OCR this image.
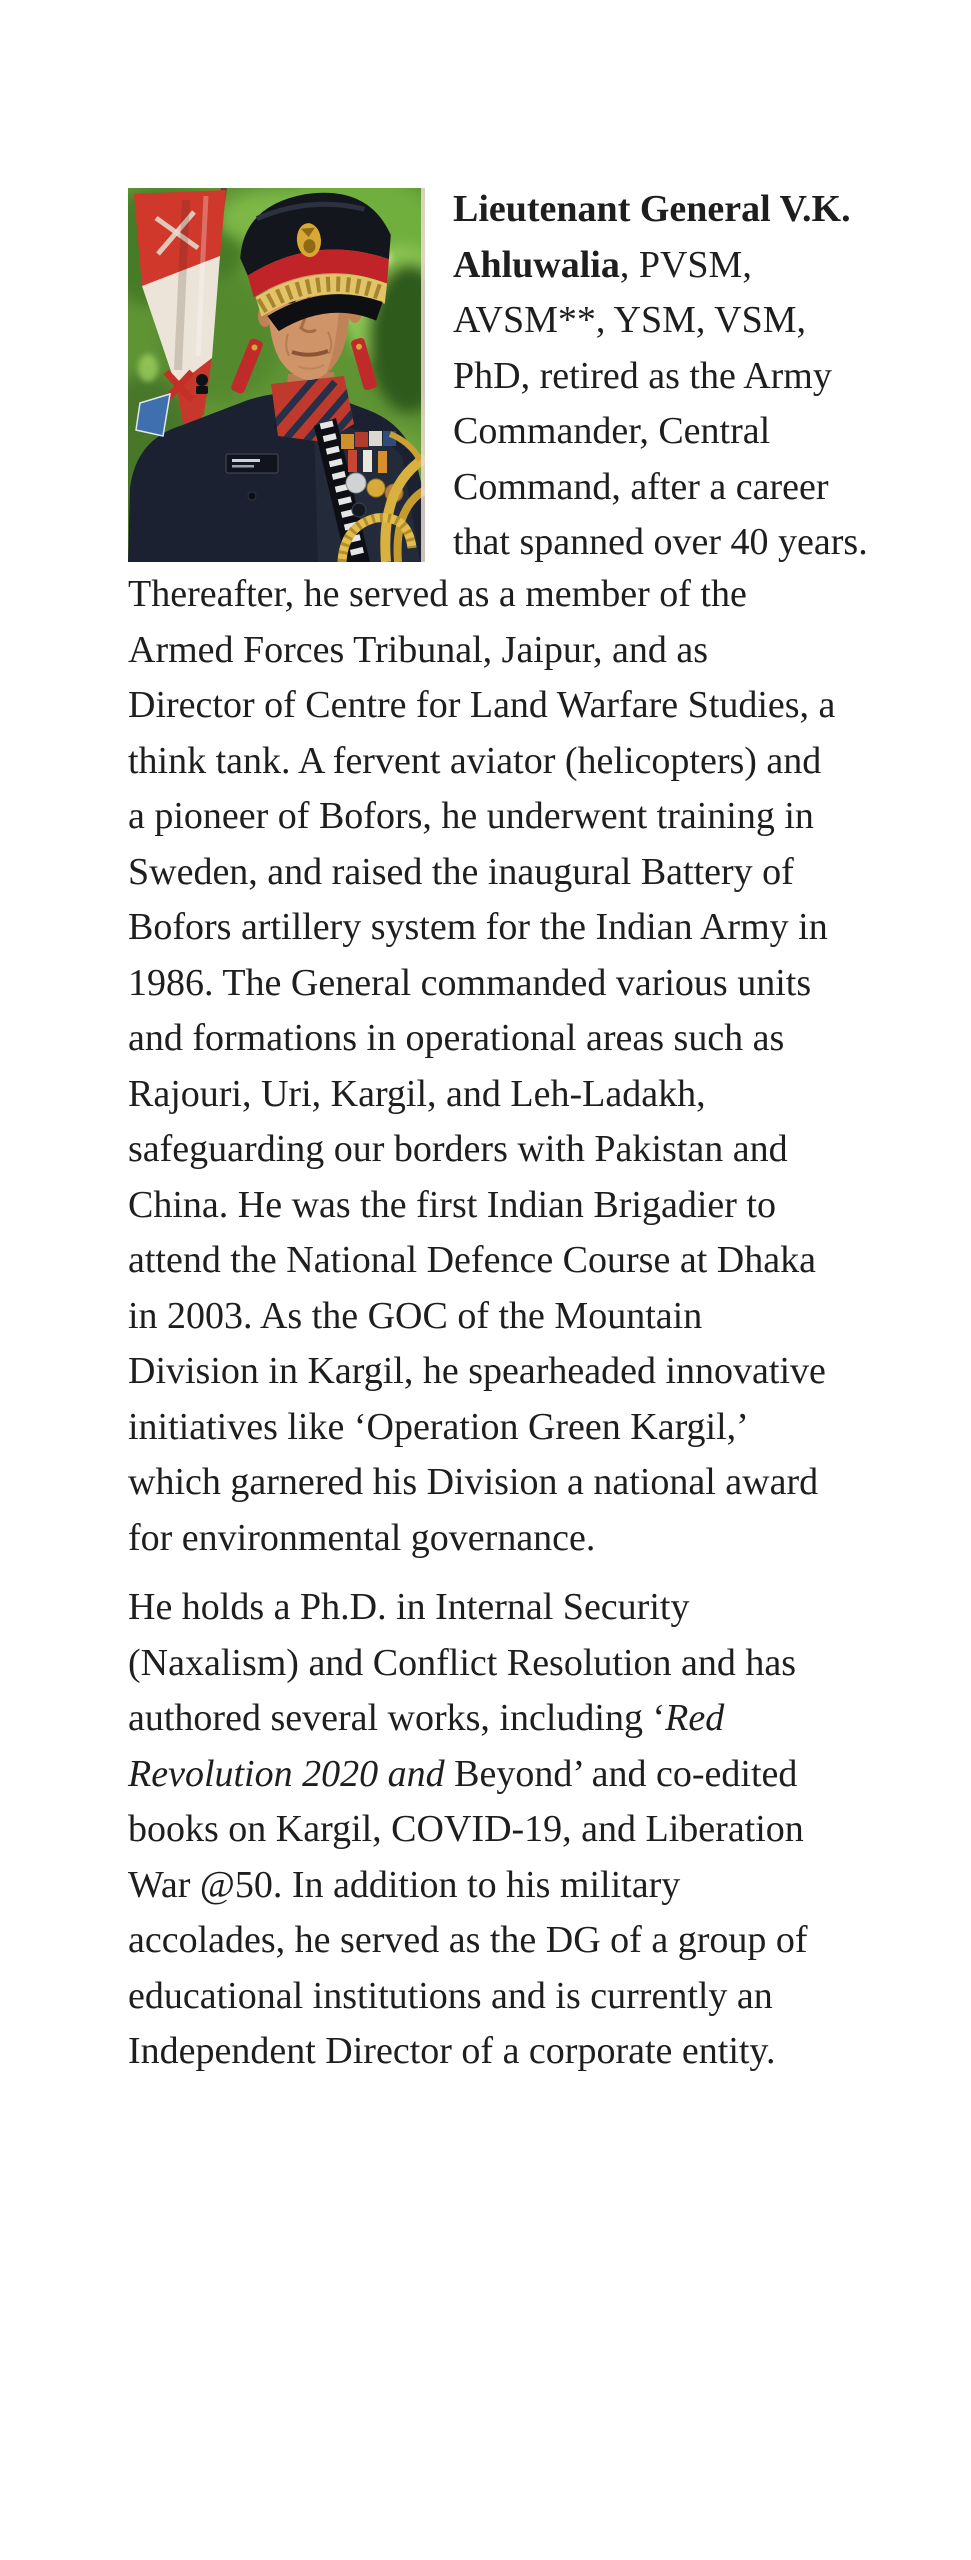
Lieutenant General V.K.
Ahluwalia, PVSM,
AVSM**, YSM, VSM,
PhD, retired as the Army
Commander, Central
Command, after a career
that spanned over 40 years.
Thereafter, he served as a member of the
Armed Forces Tribunal, Jaipur, and as
Director of Centre for Land Warfare Studies, a
think tank. A fervent aviator (helicopters) and
a pioneer of Bofors, he underwent training in
Sweden, and raised the inaugural Battery of
Bofors artillery system for the Indian Army in
1986. The General commanded various units
and formations in operational areas such as
Rajouri, Uri, Kargil, and Leh-Ladakh,
safeguarding our borders with Pakistan and
China. He was the first Indian Brigadier to
attend the National Defence Course at Dhaka
in 2003. As the GOC of the Mountain
Division in Kargil, he spearheaded innovative
initiatives like ‘Operation Green Kargil,’
which garnered his Division a national award
for environmental governance.
He holds a Ph.D. in Internal Security
(Naxalism) and Conflict Resolution and has
authored several works, including ‘Red
Revolution 2020 and Beyond’ and co-edited
books on Kargil, COVID-19, and Liberation
War @50. In addition to his military
accolades, he served as the DG of a group of
educational institutions and is currently an
Independent Director of a corporate entity.
